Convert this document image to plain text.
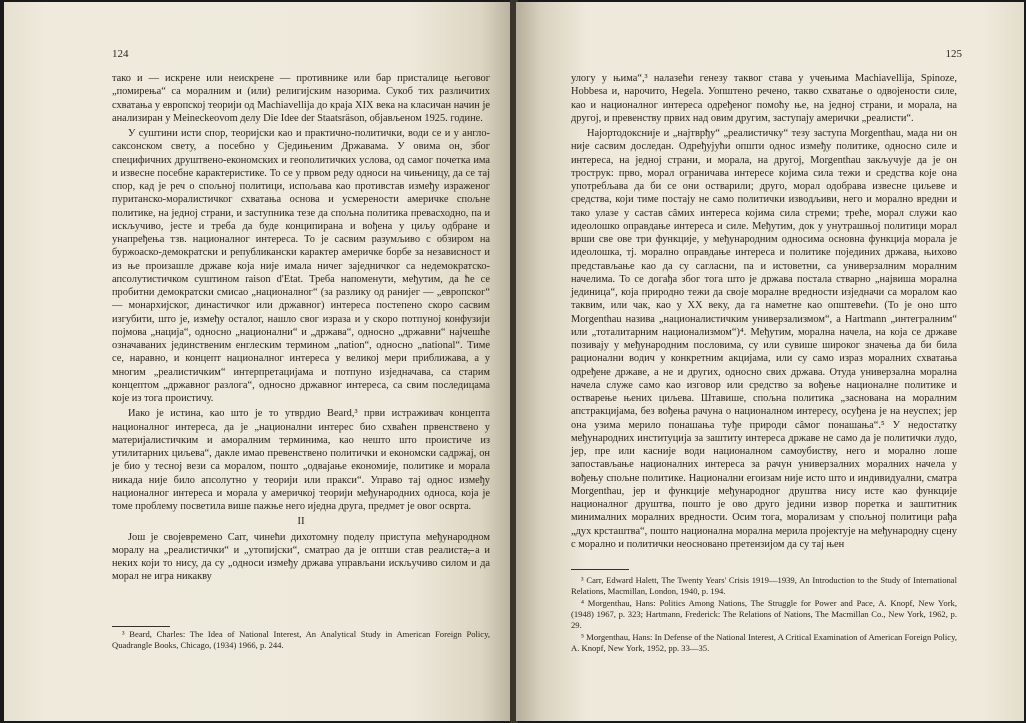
124

тако и — искрене или неискрене — противнике или бар присталице његовог „помирења“ са моралним и (или) религијским назорима. Сукоб тих различитих схватања у европској теорији од Machiavellija до краја XIX века на класичан начин је анализиран у Meineckeovom делу Die Idee der Staatsräson, објављеном 1925. године.

У суштини исти спор, теоријски као и практично-политички, води се и у англо-саксонском свету, а посебно у Сједињеним Државама. У овима он, због специфичних друштвено-економских и геополитичких услова, од самог почетка има и извесне посебне карактеристике. То се у првом реду односи на чињеницу, да се тај спор, кад је реч о спољној политици, испољава као противстав између израженог пуританско-моралистичког схватања основа и усмерености америчке спољне политике, на једној страни, и заступника тезе да спољна политика превасходно, па и искључиво, јесте и треба да буде конципирана и вођена у циљу одбране и унапређења тзв. националног интереса. То је сасвим разумљиво с обзиром на буржоаско-демократски и републикански карактер америчке борбе за независност и из ње произашле државе која није имала ничег заједничког са недемократско-апсолутистичком суштином raison d'Etat. Треба напоменути, међутим, да ће се пробитни демократски смисао „националног“ (за разлику од ранијег — „европског“ — монархијског, династичког или државног) интереса постепено скоро сасвим изгубити, што је, између осталог, нашло свог израза и у скоро потпуној конфузији појмова „нација“, односно „национални“ и „држава“, односно „државни“ најчешће означаваних јединственим енглеским термином „nation“, односно „national“. Тиме се, наравно, и концепт националног интереса у великој мери приближава, а у многим „реалистичким“ интерпретацијама и потпуно изједначава, са старим концептом „државног разлога“, односно државног интереса, са свим последицама које из тога проистичу.

Иако је истина, као што је то утврдио Beard,³ први истраживач концепта националног интереса, да је „национални интерес био схваћен првенствено у материјалистичким и аморалним терминима, као нешто што проистиче из утилитарних циљева“, дакле имао превенствено политички и економски садржај, он је био у тесној вези са моралом, пошто „одвајање економије, политике и морала никада није било апсолутно у теорији или пракси“. Управо тај однос између националног интереса и морала у америчкој теорији међународних односа, која је томе проблему посветила више пажње него иједна друга, предмет је овог осврта.

II

Још је својевремено Carr, чинећи дихотомну поделу приступа међународном моралу на „реалистички“ и „утопијски“, сматрао да је оптши став реалиста, а и неких који то нису, да су „односи између држава управљани искључиво силом и да морал не игра никакву

³ Beard, Charles: The Idea of National Interest, An Analytical Study in American Foreign Policy, Quadrangle Books, Chicago, (1934) 1966, p. 244.

125

улогу у њима“,³ налазећи генезу таквог става у учењима Machiavellija, Spinoze, Hobbesa и, нарочито, Hegela. Уопштено речено, такво схватање о одвојености силе, као и националног интереса одређеног помоћу ње, на једној страни, и морала, на другој, и превенству првих над овим другим, заступају амерички „реалисти“.

Најортодоксније и „најтврђу“ „реалистичку“ тезу заступа Morgenthau, мада ни он није сасвим доследан. Одређујући општи однос између политике, односно силе и интереса, на једној страни, и морала, на другој, Morgenthau закључује да је он трострук: прво, морал ограничава интересе којима сила тежи и средства које она употребљава да би се они остварили; друго, морал одобрава извесне циљеве и средства, који тиме постају не само политички изводљиви, него и морално вредни и тако улазе у састав сâмих интереса којима сила стреми; треће, морал служи као идеолошко оправдање интереса и силе. Међутим, док у унутрашњој политици морал врши све ове три функције, у међународним односима основна функција морала је идеолошка, тј. морално оправдање интереса и политике појединих држава, њихово представљање као да су сагласни, па и истоветни, са универзалним моралним начелима. То се догађа због тога што је држава постала стварно „највиша морална јединица“, која природно тежи да своје моралне вредности изједначи са моралом као таквим, или чак, као у XX веку, да га наметне као општевећи. (То је оно што Morgenthau назива „националистичким универзализмом“, а Hartmann „интегралним“ или „тоталитарним национализмом“)⁴. Међутим, морална начела, на која се државе позивају у међународним пословима, су или сувише широког значења да би била рационални водич у конкретним акцијама, или су само израз моралних схватања одређене државе, а не и других, односно свих држава. Отуда универзална морална начела служе само као изговор или средство за вођење националне политике и остварење њених циљева. Штавише, спољна политика „заснована на моралним апстракцијама, без вођења рачуна о националном интересу, осуђена је на неуспех; јер она узима мерило понашања туђе природи сâмог понашања“.⁵ У недостатку међународних институција за заштиту интереса државе не само да је политички лудо, јер, пре или касније води националном самоубиству, него и морално лоше запостављање националних интереса за рачун универзалних моралних начела у вођењу спољне политике. Национални егоизам није исто што и индивидуални, сматра Morgenthau, јер и функције међународног друштва нису исте као функције националног друштва, пошто је ово друго једини извор поретка и заштитник минималних моралних вредности. Осим тога, морализам у спољној политици рађа „дух крсташтва“, пошто национална морална мерила пројектује на међународну сцену с морално и политички неосновано претензијом да су тај њен

³ Carr, Edward Halett, The Twenty Years' Crisis 1919—1939, An Introduction to the Study of International Relations, Macmillan, London, 1940, p. 194.

⁴ Morgenthau, Hans: Politics Among Nations, The Struggle for Power and Pace, A. Knopf, New York, (1948) 1967, p. 323; Hartmann, Frederick: The Relations of Nations, The Macmillan Co., New York, 1962, p. 29.

⁵ Morgenthau, Hans: In Defense of the National Interest, A Critical Examination of American Foreign Policy, A. Knopf, New York, 1952, pp. 33—35.
